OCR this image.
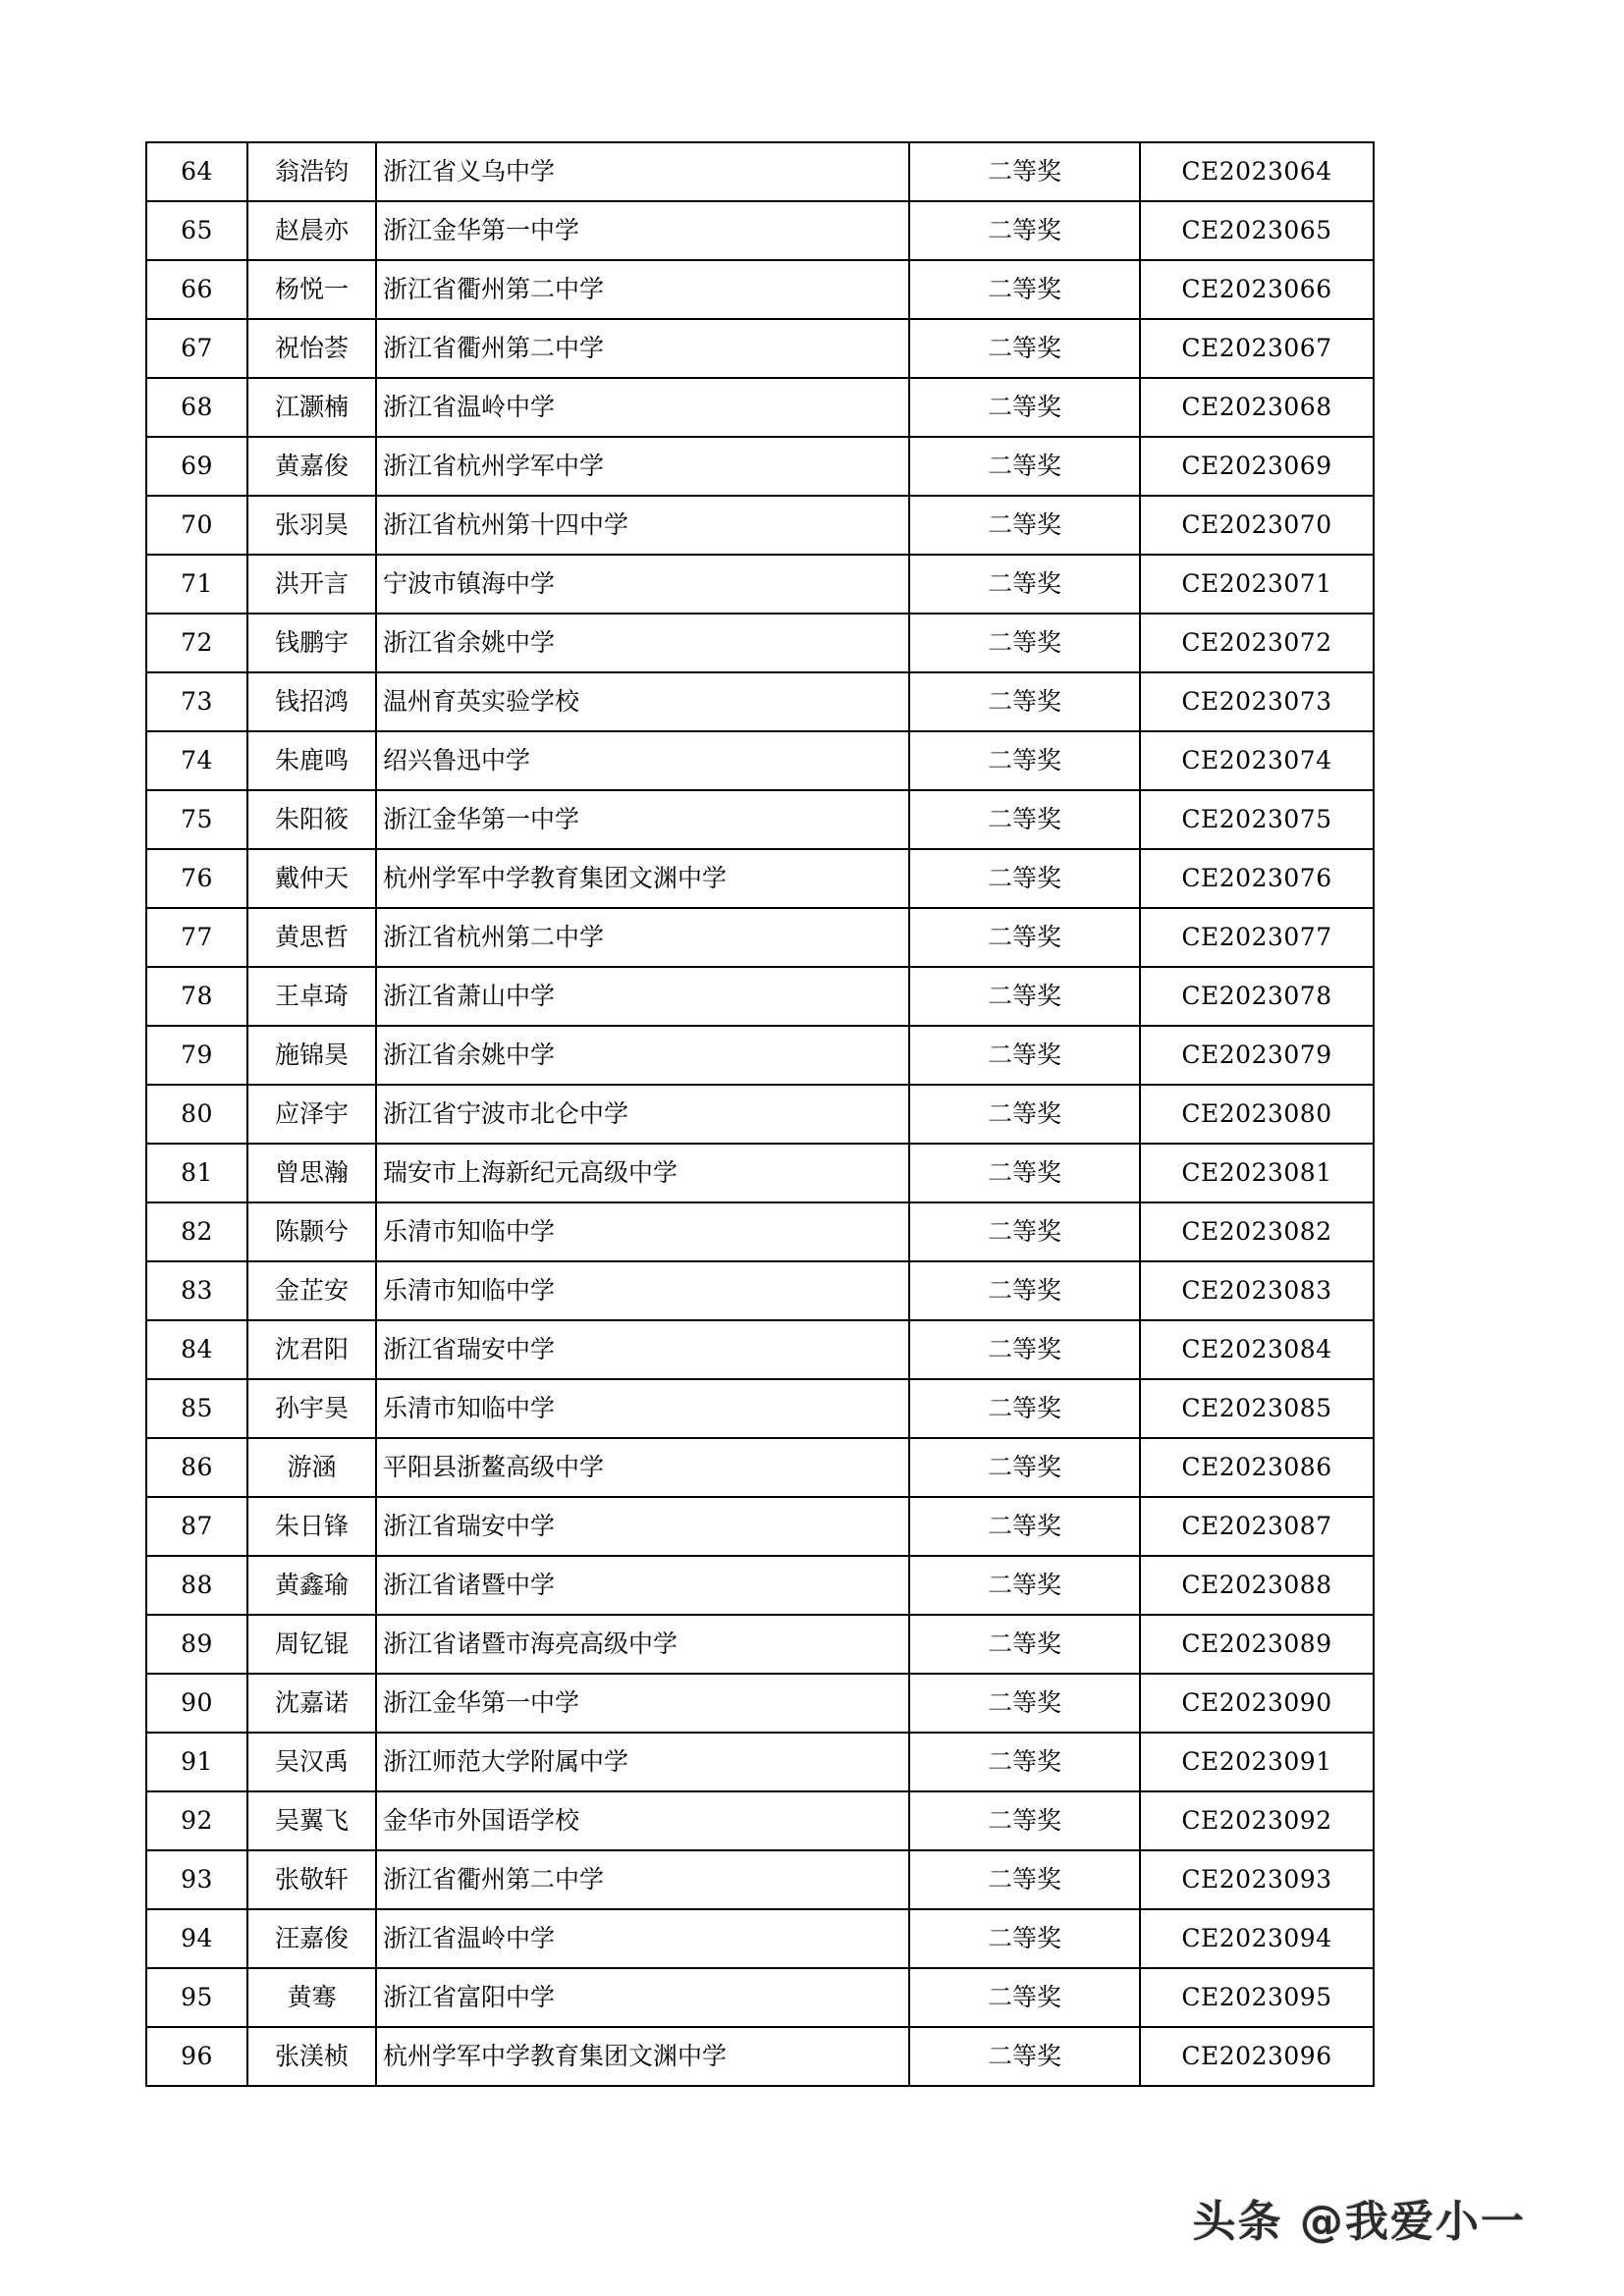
64	翁浩钧	浙江省义乌中学	二等奖	CE2023064
65	赵晨亦	浙江金华第一中学	二等奖	CE2023065
66	杨悦一	浙江省衢州第二中学	二等奖	CE2023066
67	祝怡荟	浙江省衢州第二中学	二等奖	CE2023067
68	江灏楠	浙江省温岭中学	二等奖	CE2023068
69	黄嘉俊	浙江省杭州学军中学	二等奖	CE2023069
70	张羽昊	浙江省杭州第十四中学	二等奖	CE2023070
71	洪开言	宁波市镇海中学	二等奖	CE2023071
72	钱鹏宇	浙江省余姚中学	二等奖	CE2023072
73	钱招鸿	温州育英实验学校	二等奖	CE2023073
74	朱鹿鸣	绍兴鲁迅中学	二等奖	CE2023074
75	朱阳筱	浙江金华第一中学	二等奖	CE2023075
76	戴仲天	杭州学军中学教育集团文渊中学	二等奖	CE2023076
77	黄思哲	浙江省杭州第二中学	二等奖	CE2023077
78	王卓琦	浙江省萧山中学	二等奖	CE2023078
79	施锦昊	浙江省余姚中学	二等奖	CE2023079
80	应泽宇	浙江省宁波市北仑中学	二等奖	CE2023080
81	曾思瀚	瑞安市上海新纪元高级中学	二等奖	CE2023081
82	陈颢兮	乐清市知临中学	二等奖	CE2023082
83	金芷安	乐清市知临中学	二等奖	CE2023083
84	沈君阳	浙江省瑞安中学	二等奖	CE2023084
85	孙宇昊	乐清市知临中学	二等奖	CE2023085
86	游涵	平阳县浙鳌高级中学	二等奖	CE2023086
87	朱日锋	浙江省瑞安中学	二等奖	CE2023087
88	黄鑫瑜	浙江省诸暨中学	二等奖	CE2023088
89	周钇锟	浙江省诸暨市海亮高级中学	二等奖	CE2023089
90	沈嘉诺	浙江金华第一中学	二等奖	CE2023090
91	吴汉禹	浙江师范大学附属中学	二等奖	CE2023091
92	吴翼飞	金华市外国语学校	二等奖	CE2023092
93	张敬轩	浙江省衢州第二中学	二等奖	CE2023093
94	汪嘉俊	浙江省温岭中学	二等奖	CE2023094
95	黄骞	浙江省富阳中学	二等奖	CE2023095
96	张渼桢	杭州学军中学教育集团文渊中学	二等奖	CE2023096
头条 @我爱小一
